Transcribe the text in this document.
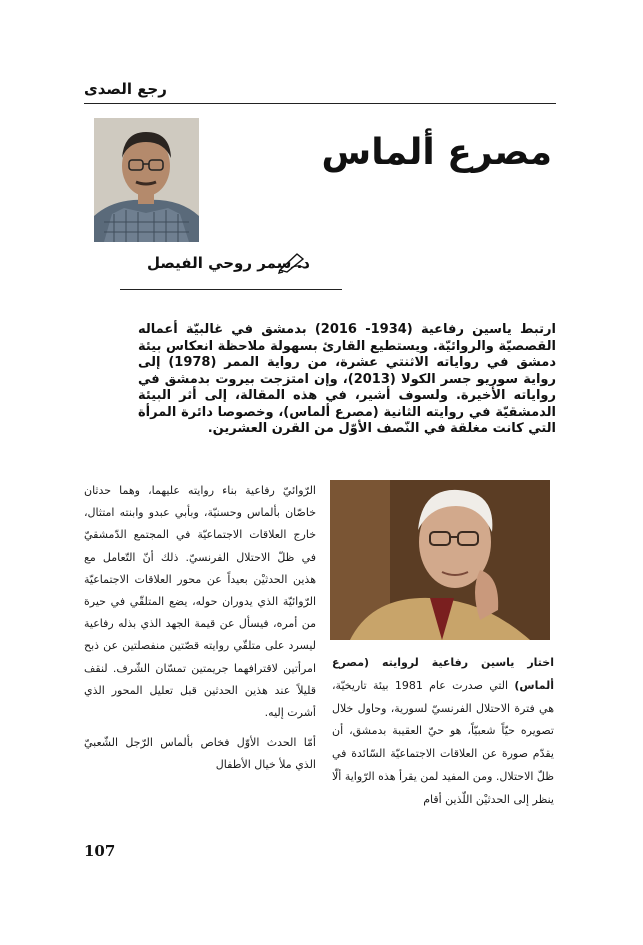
رجع الصدى
مصرع ألماس
د. سمر روحي الفيصل
ارتبط ياسين رفاعية (1934- 2016) بدمشق في غالبيّة أعماله القصصيّة والروائيّة. ويستطيع القارئ بسهولة ملاحظة انعكاس بيئة دمشق في رواياته الاثنتي عشرة، من رواية الممر (1978) إلى رواية سوريو جسر الكولا (2013)، وإن امتزجت بيروت بدمشق في رواياته الأخيرة. ولسوف أشير، في هذه المقالة، إلى أثر البيئة الدمشقيّة في روايته الثانية (مصرع ألماس)، وخصوصا دائرة المرأة التي كانت مغلقة في النّصف الأوّل من القرن العشرين.

اختار ياسين رفاعية لروايته (مصرع ألماس) التي صدرت عام 1981 بيئة تاريخيّة، هي فترة الاحتلال الفرنسيّ لسورية، وحاول خلال تصويره حيّاً شعبيّاً، هو حيّ العقيبة بدمشق، أن يقدّم صورة عن العلاقات الاجتماعيّة السّائدة في ظلّ الاحتلال. ومن المفيد لمن يقرأ هذه الرّواية ألّا ينظر إلى الحدثيْن اللّذين أقام

الرّوائيّ رفاعية بناء روايته عليهما، وهما حدثان خاصّان بألماس وحسنيّة، وبأبي عبدو وابنته امتثال، خارج العلاقات الاجتماعيّة في المجتمع الدّمشقيّ في ظلّ الاحتلال الفرنسيّ. ذلك أنّ التّعامل مع هذين الحدثيْن بعيداً عن محور العلاقات الاجتماعيّة الرّوائيّة الذي يدوران حوله، يضع المتلقّي في حيرة من أمره، فيسأل عن قيمة الجهد الذي بذله رفاعية ليسرد على متلقّي روايته قصّتين منفصلتين عن ذبح امرأتين لاقترافهما جريمتين تمسّان الشّرف. لنقف قليلاً عند هذين الحدثين قبل تعليل المحور الذي أشرت إليه.

أمّا الحدث الأوّل فخاص بألماس الرّجل الشّعبيّ الذي ملأ خيال الأطفال

107
